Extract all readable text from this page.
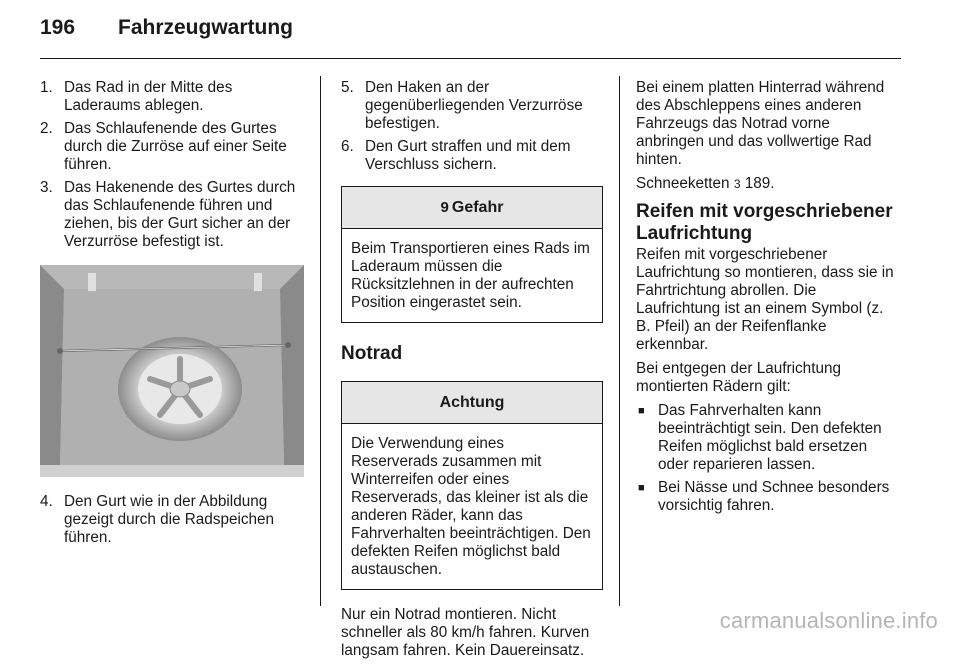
196	Fahrzeugwartung
1. Das Rad in der Mitte des Laderaums ablegen.
2. Das Schlaufenende des Gurtes durch die Zurröse auf einer Seite führen.
3. Das Hakenende des Gurtes durch das Schlaufenende führen und ziehen, bis der Gurt sicher an der Verzurröse befestigt ist.
4. Den Gurt wie in der Abbildung gezeigt durch die Radspeichen führen.
5. Den Haken an der gegenüberliegenden Verzurröse befestigen.
6. Den Gurt straffen und mit dem Verschluss sichern.
9 Gefahr
Beim Transportieren eines Rads im Laderaum müssen die Rücksitzlehnen in der aufrechten Position eingerastet sein.
Notrad
Achtung
Die Verwendung eines Reserverads zusammen mit Winterreifen oder eines Reserverads, das kleiner ist als die anderen Räder, kann das Fahrverhalten beeinträchtigen. Den defekten Reifen möglichst bald austauschen.

Nur ein Notrad montieren. Nicht schneller als 80 km/h fahren. Kurven langsam fahren. Kein Dauereinsatz.

Bei einem platten Hinterrad während des Abschleppens eines anderen Fahrzeugs das Notrad vorne anbringen und das vollwertige Rad hinten.

Schneeketten 3 189.

Reifen mit vorgeschriebener Laufrichtung

Reifen mit vorgeschriebener Laufrichtung so montieren, dass sie in Fahrtrichtung abrollen. Die Laufrichtung ist an einem Symbol (z. B. Pfeil) an der Reifenflanke erkennbar.

Bei entgegen der Laufrichtung montierten Rädern gilt:

■ Das Fahrverhalten kann beeinträchtigt sein. Den defekten Reifen möglichst bald ersetzen oder reparieren lassen.
■ Bei Nässe und Schnee besonders vorsichtig fahren.
carmanualsonline.info
